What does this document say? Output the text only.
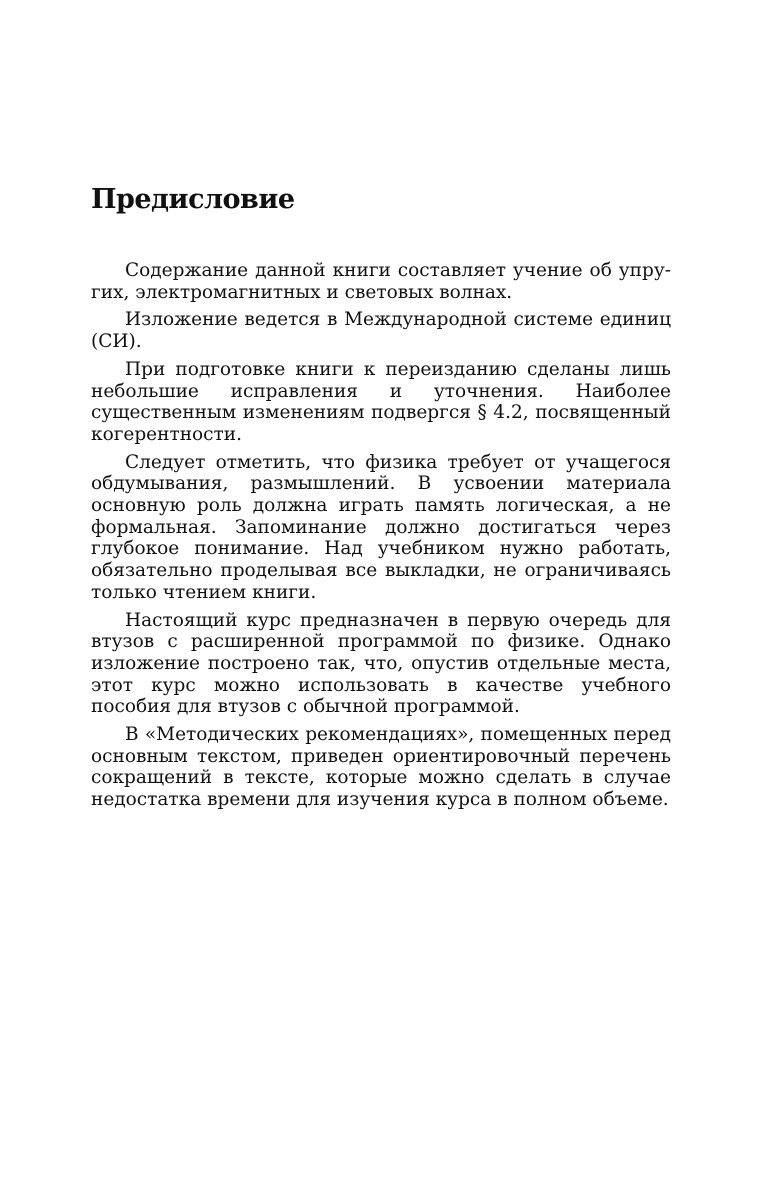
Предисловие

Содержание данной книги составляет учение об упругих, электромагнитных и световых волнах.

Изложение ведется в Международной системе единиц (СИ).

При подготовке книги к переизданию сделаны лишь небольшие исправления и уточнения. Наиболее существенным изменениям подвергся § 4.2, посвященный когерентности.

Следует отметить, что физика требует от учащегося обдумывания, размышлений. В усвоении материала основную роль должна играть память логическая, а не формальная. Запоминание должно достигаться через глубокое понимание. Над учебником нужно работать, обязательно проделывая все выкладки, не ограничиваясь только чтением книги.

Настоящий курс предназначен в первую очередь для втузов с расширенной программой по физике. Однако изложение построено так, что, опустив отдельные места, этот курс можно использовать в качестве учебного пособия для втузов с обычной программой.

В «Методических рекомендациях», помещенных перед основным текстом, приведен ориентировочный перечень сокращений в тексте, которые можно сделать в случае недостатка времени для изучения курса в полном объеме.
